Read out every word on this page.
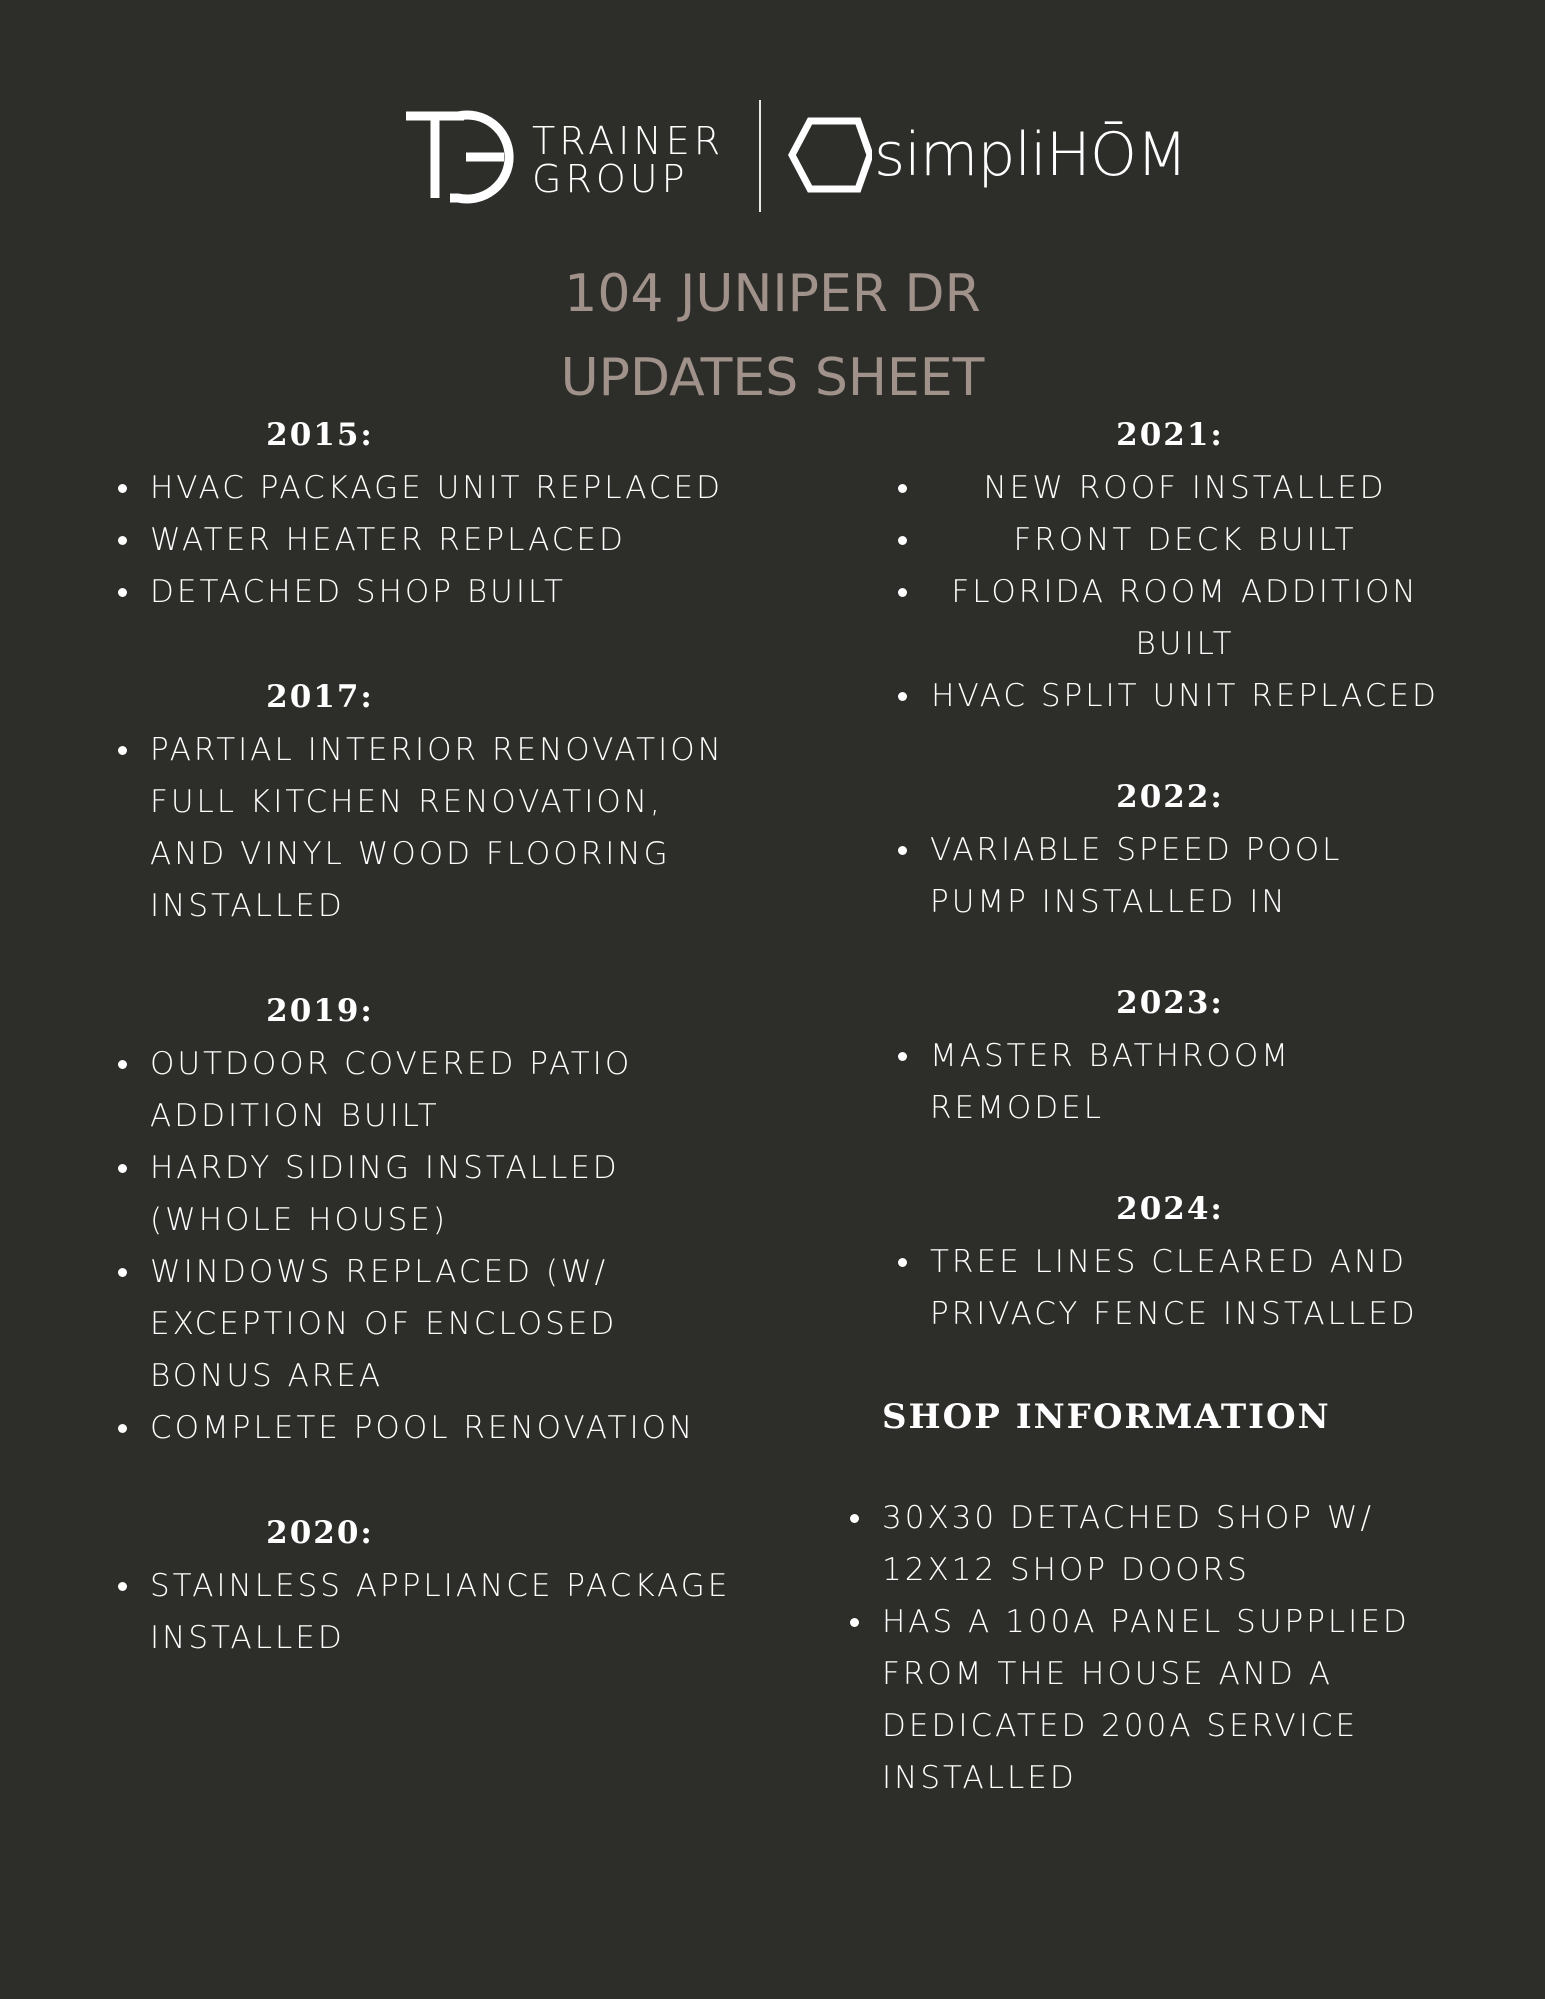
TRAINER
GROUP	simpliHŌM
104 JUNIPER DR
UPDATES SHEET
2015:
HVAC PACKAGE UNIT REPLACED
WATER HEATER REPLACED
DETACHED SHOP BUILT
2017:
PARTIAL INTERIOR RENOVATION FULL KITCHEN RENOVATION, AND VINYL WOOD FLOORING INSTALLED
2019:
OUTDOOR COVERED PATIO ADDITION BUILT
HARDY SIDING INSTALLED (WHOLE HOUSE)
WINDOWS REPLACED (W/ EXCEPTION OF ENCLOSED BONUS AREA
COMPLETE POOL RENOVATION
2020:
STAINLESS APPLIANCE PACKAGE INSTALLED
2021:
NEW ROOF INSTALLED
FRONT DECK BUILT
FLORIDA ROOM ADDITION BUILT
HVAC SPLIT UNIT REPLACED
2022:
VARIABLE SPEED POOL PUMP INSTALLED IN
2023:
MASTER BATHROOM REMODEL
2024:
TREE LINES CLEARED AND PRIVACY FENCE INSTALLED
SHOP INFORMATION
30X30 DETACHED SHOP W/ 12X12 SHOP DOORS
HAS A 100A PANEL SUPPLIED FROM THE HOUSE AND A DEDICATED 200A SERVICE INSTALLED
